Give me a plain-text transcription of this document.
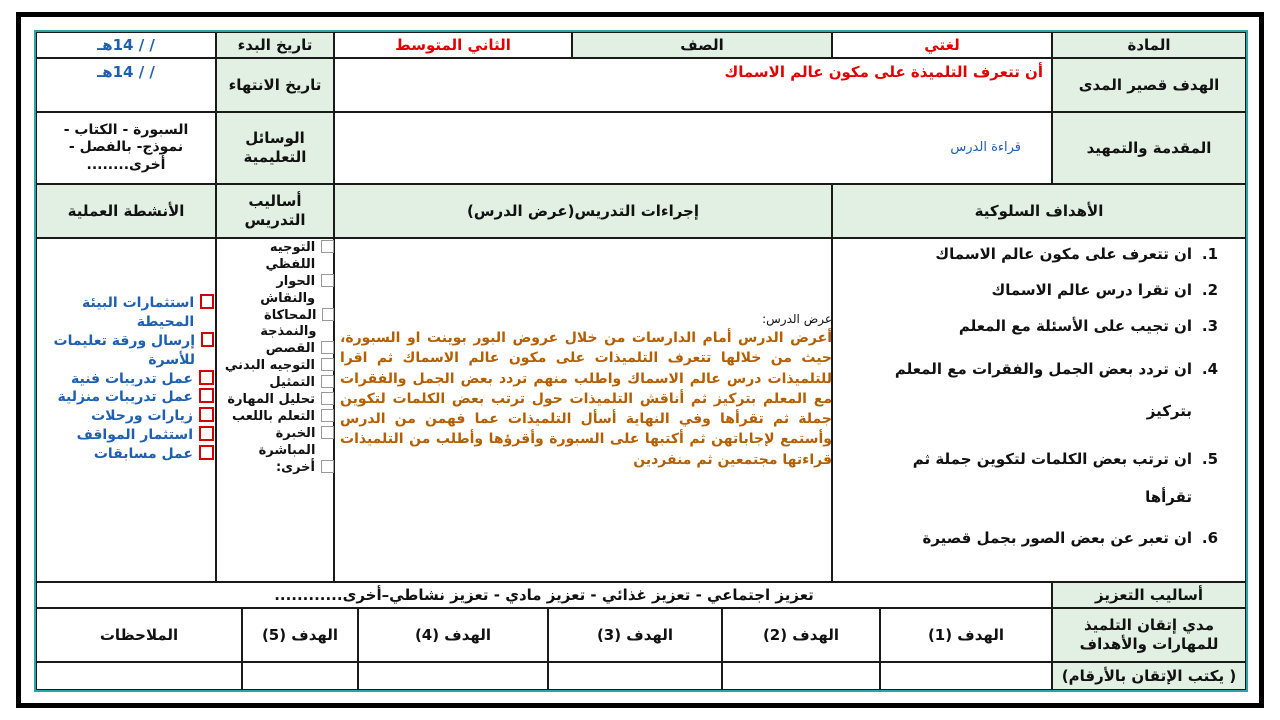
المادة
لغتي
الصف
الثاني المتوسط
تاريخ البدء
/ / 14هـ
الهدف قصير المدى
أن تتعرف التلميذة على مكون عالم الاسماك
تاريخ الانتهاء
/ / 14هـ
المقدمة والتمهيد
قراءة الدرس
الوسائل التعليمية
السبورة - الكتاب - نموذج- بالفصل - أخرى........
الأهداف السلوكية
إجراءات التدريس(عرض الدرس)
أساليب التدريس
الأنشطة العملية
1.
ان تتعرف على مكون عالم الاسماك
2.
ان تقرا درس عالم الاسماك
3.
ان تجيب على الأسئلة مع المعلم
4.
ان تردد بعض الجمل والفقرات مع المعلم بتركيز
5.
ان ترتب بعض الكلمات لتكوين جملة ثم تقرأها
6.
ان تعبر عن بعض الصور بجمل قصيرة
عرض الدرس:
أعرض الدرس أمام الدارسات من خلال عروض البور بوينت او السبورة، حيث من خلالها تتعرف التلميذات على مكون عالم الاسماك ثم اقرا للتلميذات درس عالم الاسماك واطلب منهم تردد بعض الجمل والفقرات مع المعلم بتركيز ثم أناقش التلميذات حول ترتب بعض الكلمات لتكوين جملة ثم تقرأها وفي النهاية أسأل التلميذات عما فهمن من الدرس وأستمع لإجاباتهن ثم أكتبها على السبورة وأقرؤها وأطلب من التلميذات قراءتها مجتمعين ثم منفردين
التوجيه اللفظي
الحوار والنقاش
المحاكاة والنمذجة
القصص
التوجيه البدني
التمثيل
تحليل المهارة
التعلم باللعب
الخبرة المباشرة
أخرى:
استثمارات البيئة المحيطة
إرسال ورقة تعليمات للأسرة
عمل تدريبات فنية
عمل تدريبات منزلية
زيارات ورحلات
استثمار المواقف
عمل مسابقات
أساليب التعزيز
تعزيز اجتماعي - تعزيز غذائي - تعزيز مادي - تعزيز نشاطي–أخرى............
مدي إتقان التلميذ للمهارات والأهداف
الهدف (1)
الهدف (2)
الهدف (3)
الهدف (4)
الهدف (5)
الملاحظات
( يكتب الإتقان بالأرقام)
